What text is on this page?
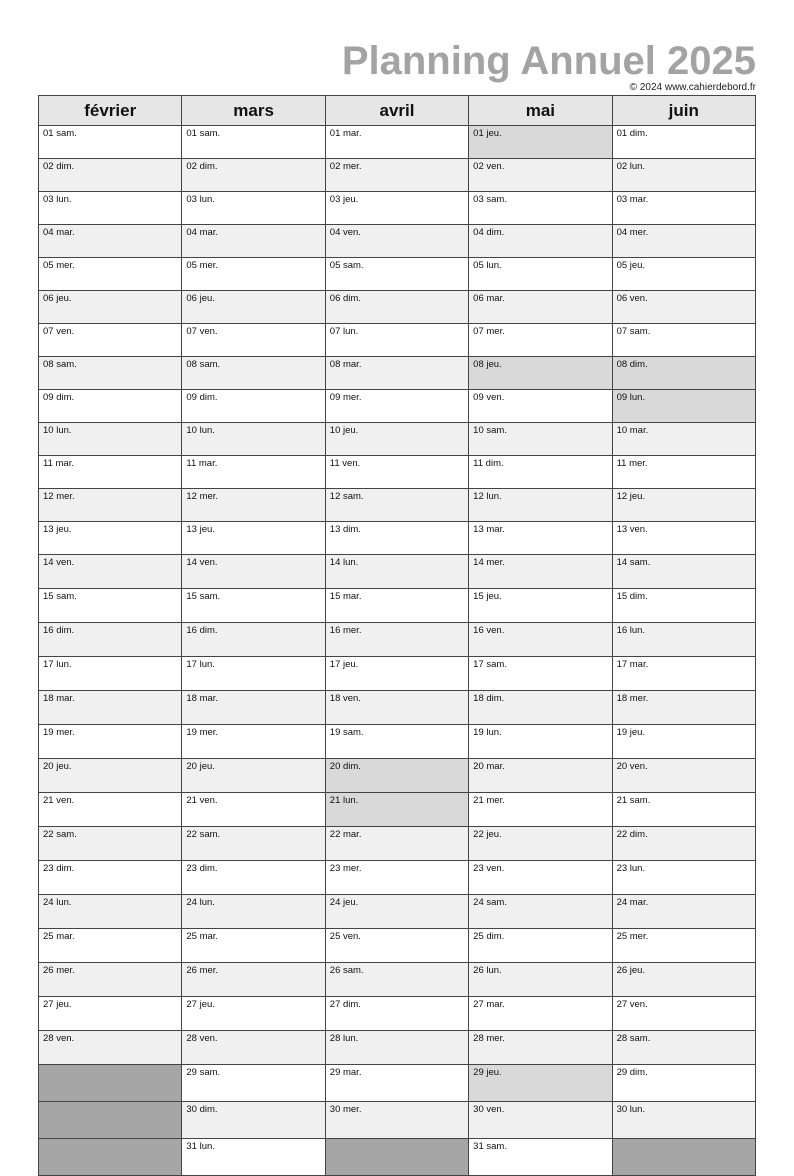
Planning Annuel 2025
© 2024 www.cahierdebord.fr
février	mars	avril	mai	juin
01 sam.	01 sam.	01 mar.	01 jeu.	01 dim.
02 dim.	02 dim.	02 mer.	02 ven.	02 lun.
03 lun.	03 lun.	03 jeu.	03 sam.	03 mar.
04 mar.	04 mar.	04 ven.	04 dim.	04 mer.
05 mer.	05 mer.	05 sam.	05 lun.	05 jeu.
06 jeu.	06 jeu.	06 dim.	06 mar.	06 ven.
07 ven.	07 ven.	07 lun.	07 mer.	07 sam.
08 sam.	08 sam.	08 mar.	08 jeu.	08 dim.
09 dim.	09 dim.	09 mer.	09 ven.	09 lun.
10 lun.	10 lun.	10 jeu.	10 sam.	10 mar.
11 mar.	11 mar.	11 ven.	11 dim.	11 mer.
12 mer.	12 mer.	12 sam.	12 lun.	12 jeu.
13 jeu.	13 jeu.	13 dim.	13 mar.	13 ven.
14 ven.	14 ven.	14 lun.	14 mer.	14 sam.
15 sam.	15 sam.	15 mar.	15 jeu.	15 dim.
16 dim.	16 dim.	16 mer.	16 ven.	16 lun.
17 lun.	17 lun.	17 jeu.	17 sam.	17 mar.
18 mar.	18 mar.	18 ven.	18 dim.	18 mer.
19 mer.	19 mer.	19 sam.	19 lun.	19 jeu.
20 jeu.	20 jeu.	20 dim.	20 mar.	20 ven.
21 ven.	21 ven.	21 lun.	21 mer.	21 sam.
22 sam.	22 sam.	22 mar.	22 jeu.	22 dim.
23 dim.	23 dim.	23 mer.	23 ven.	23 lun.
24 lun.	24 lun.	24 jeu.	24 sam.	24 mar.
25 mar.	25 mar.	25 ven.	25 dim.	25 mer.
26 mer.	26 mer.	26 sam.	26 lun.	26 jeu.
27 jeu.	27 jeu.	27 dim.	27 mar.	27 ven.
28 ven.	28 ven.	28 lun.	28 mer.	28 sam.
	29 sam.	29 mar.	29 jeu.	29 dim.
	30 dim.	30 mer.	30 ven.	30 lun.
	31 lun.		31 sam.	
